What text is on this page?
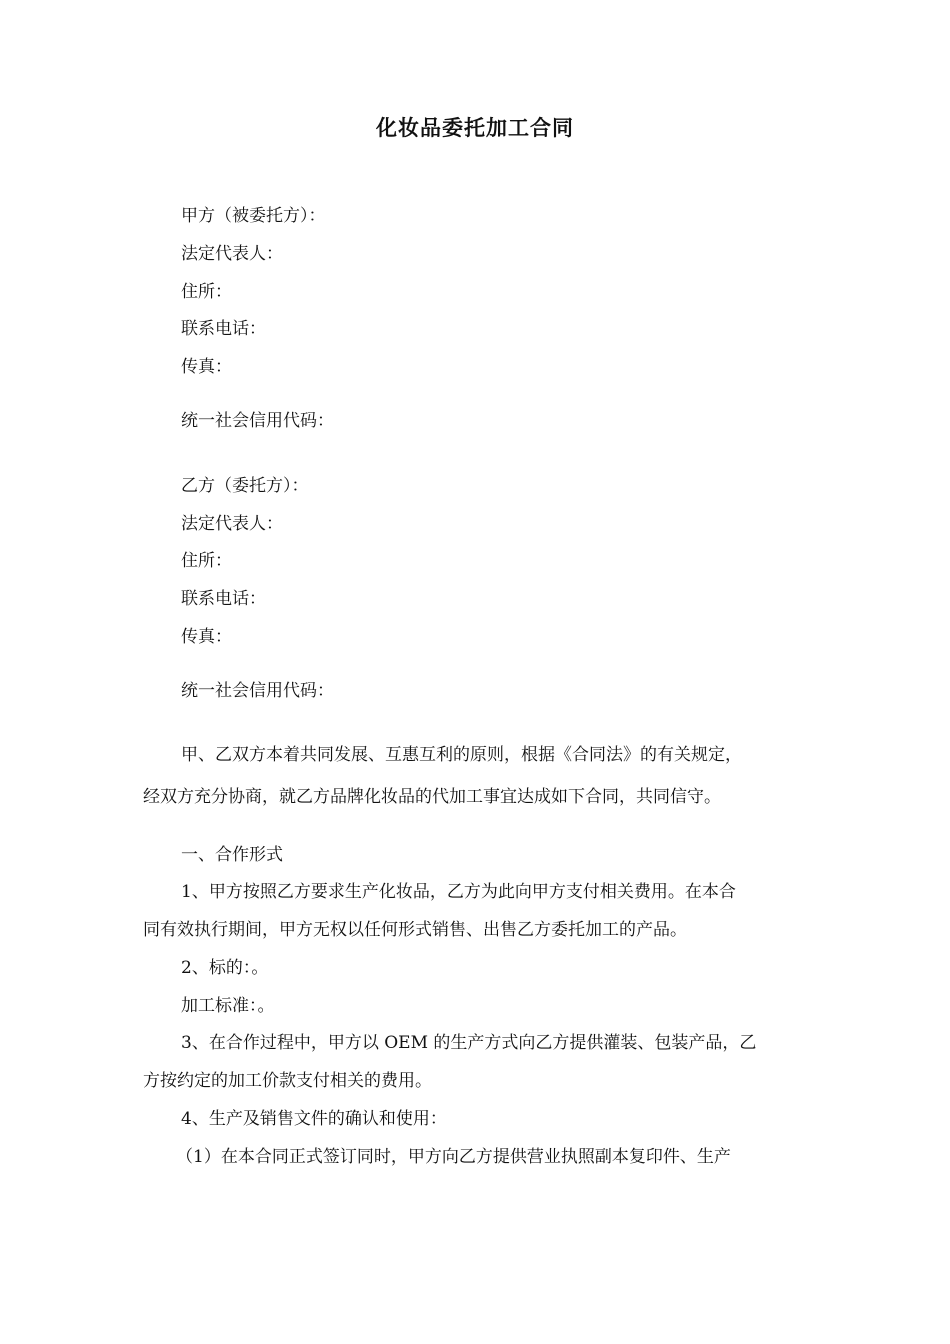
化妆品委托加工合同
甲方（被委托方）：
法定代表人：
住所：
联系电话：
传真：
统一社会信用代码：
乙方（委托方）：
法定代表人：
住所：
联系电话：
传真：
统一社会信用代码：
甲、乙双方本着共同发展、互惠互利的原则，根据《合同法》的有关规定，
经双方充分协商，就乙方品牌化妆品的代加工事宜达成如下合同，共同信守。
一、合作形式
1、甲方按照乙方要求生产化妆品，乙方为此向甲方支付相关费用。在本合
同有效执行期间，甲方无权以任何形式销售、出售乙方委托加工的产品。
2、标的：。
加工标准：。
3、在合作过程中，甲方以 OEM 的生产方式向乙方提供灌装、包装产品，乙
方按约定的加工价款支付相关的费用。
4、生产及销售文件的确认和使用：
（1）在本合同正式签订同时，甲方向乙方提供营业执照副本复印件、生产
